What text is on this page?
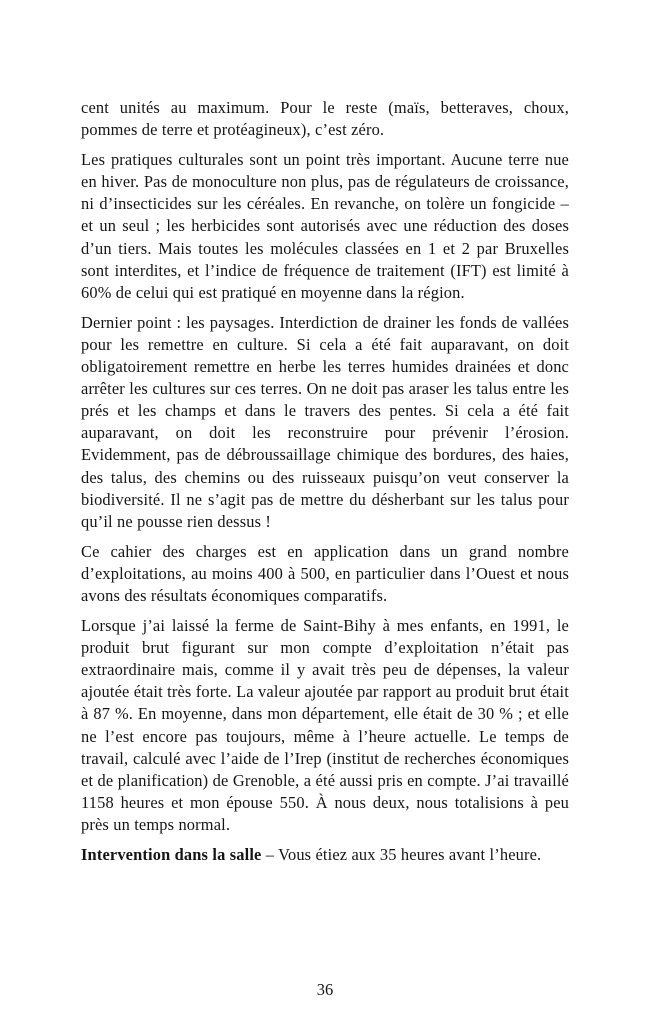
cent unités au maximum. Pour le reste (maïs, betteraves, choux, pommes de terre et protéagineux), c’est zéro.

Les pratiques culturales sont un point très important. Aucune terre nue en hiver. Pas de monoculture non plus, pas de régulateurs de croissance, ni d’insecticides sur les céréales. En revanche, on tolère un fongicide – et un seul ; les herbicides sont autorisés avec une réduction des doses d’un tiers. Mais toutes les molécules classées en 1 et 2 par Bruxelles sont interdites, et l’indice de fréquence de traitement (IFT) est limité à 60% de celui qui est pratiqué en moyenne dans la région.

Dernier point : les paysages. Interdiction de drainer les fonds de vallées pour les remettre en culture. Si cela a été fait auparavant, on doit obligatoirement remettre en herbe les terres humides drainées et donc arrêter les cultures sur ces terres. On ne doit pas araser les talus entre les prés et les champs et dans le travers des pentes. Si cela a été fait auparavant, on doit les reconstruire pour prévenir l’érosion. Evidemment, pas de débroussaillage chimique des bordures, des haies, des talus, des chemins ou des ruisseaux puisqu’on veut conserver la biodiversité. Il ne s’agit pas de mettre du désherbant sur les talus pour qu’il ne pousse rien dessus !

Ce cahier des charges est en application dans un grand nombre d’exploitations, au moins 400 à 500, en particulier dans l’Ouest et nous avons des résultats économiques comparatifs.

Lorsque j’ai laissé la ferme de Saint-Bihy à mes enfants, en 1991, le produit brut figurant sur mon compte d’exploitation n’était pas extraordinaire mais, comme il y avait très peu de dépenses, la valeur ajoutée était très forte. La valeur ajoutée par rapport au produit brut était à 87 %. En moyenne, dans mon département, elle était de 30 % ; et elle ne l’est encore pas toujours, même à l’heure actuelle. Le temps de travail, calculé avec l’aide de l’Irep (institut de recherches économiques et de planification) de Grenoble, a été aussi pris en compte. J’ai travaillé 1158 heures et mon épouse 550. À nous deux, nous totalisions à peu près un temps normal.

Intervention dans la salle – Vous étiez aux 35 heures avant l’heure.

36
